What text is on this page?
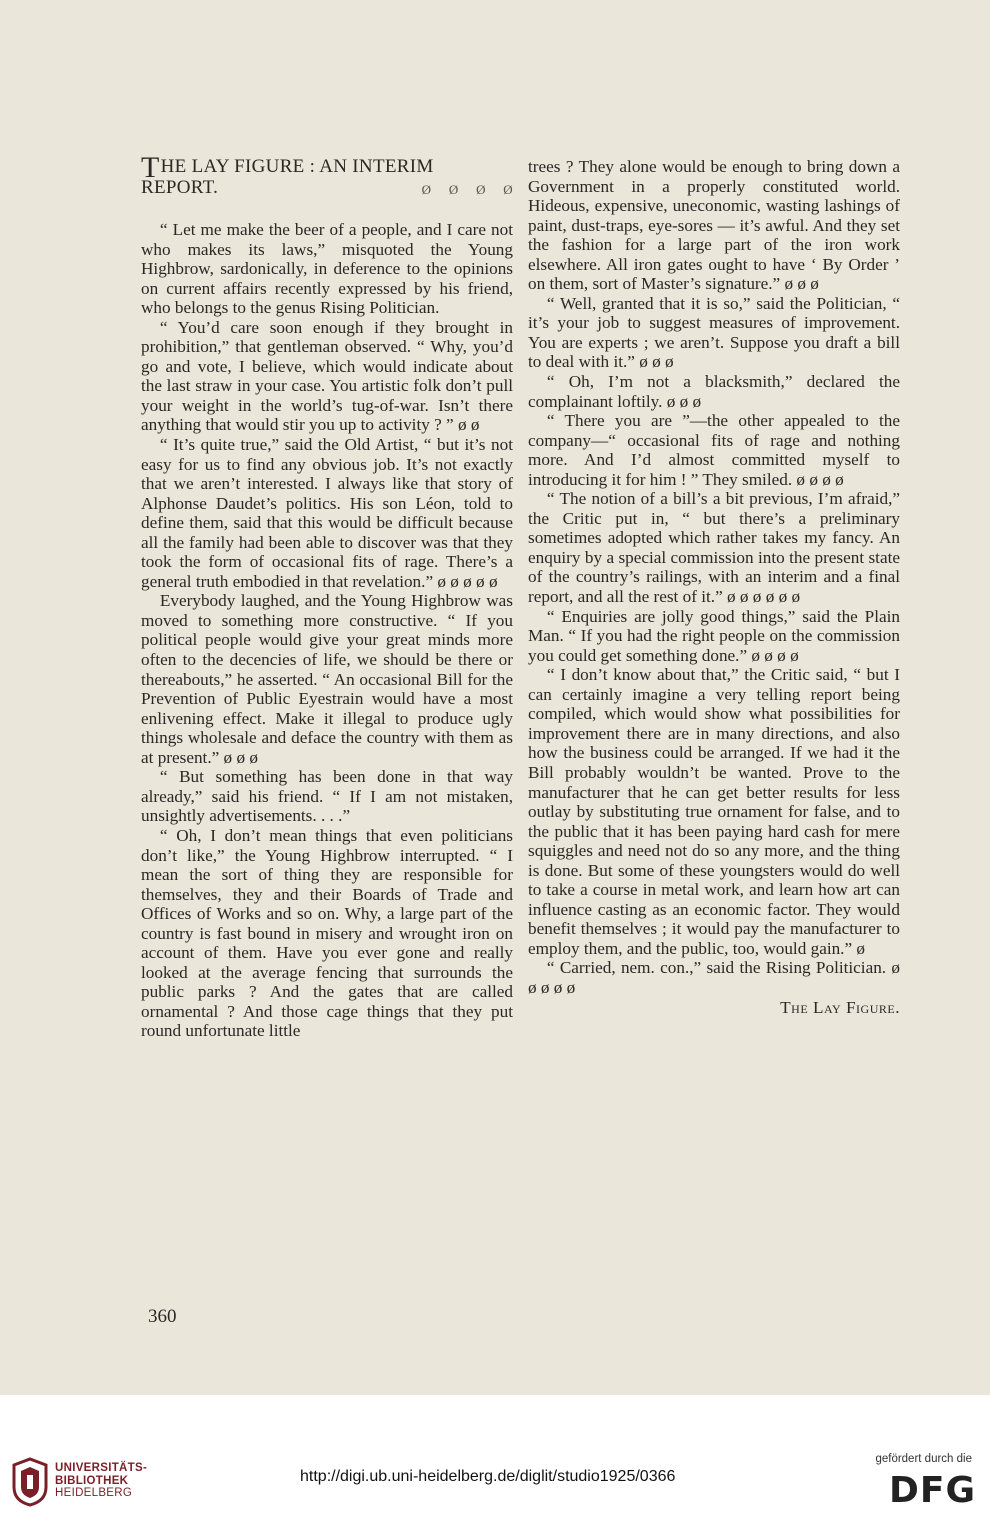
THE LAY FIGURE : AN INTERIM REPORT.	Ø Ø Ø Ø

“ Let me make the beer of a people, and I care not who makes its laws,” misquoted the Young Highbrow, sardonically, in deference to the opinions on current affairs recently expressed by his friend, who belongs to the genus Rising Politician.

“ You’d care soon enough if they brought in prohibition,” that gentleman observed. “ Why, you’d go and vote, I believe, which would indicate about the last straw in your case. You artistic folk don’t pull your weight in the world’s tug-of-war. Isn’t there anything that would stir you up to activity ? ” ø ø

“ It’s quite true,” said the Old Artist, “ but it’s not easy for us to find any obvious job. It’s not exactly that we aren’t interested. I always like that story of Alphonse Daudet’s politics. His son Léon, told to define them, said that this would be difficult because all the family had been able to discover was that they took the form of occasional fits of rage. There’s a general truth embodied in that revelation.” ø ø ø ø ø

Everybody laughed, and the Young Highbrow was moved to something more constructive. “ If you political people would give your great minds more often to the decencies of life, we should be there or thereabouts,” he asserted. “ An occasional Bill for the Prevention of Public Eyestrain would have a most enlivening effect. Make it illegal to produce ugly things wholesale and deface the country with them as at present.” ø ø ø

“ But something has been done in that way already,” said his friend. “ If I am not mistaken, unsightly advertisements. . . .”

“ Oh, I don’t mean things that even politicians don’t like,” the Young Highbrow interrupted. “ I mean the sort of thing they are responsible for themselves, they and their Boards of Trade and Offices of Works and so on. Why, a large part of the country is fast bound in misery and wrought iron on account of them. Have you ever gone and really looked at the average fencing that surrounds the public parks ? And the gates that are called ornamental ? And those cage things that they put round unfortunate little

trees ? They alone would be enough to bring down a Government in a properly constituted world. Hideous, expensive, uneconomic, wasting lashings of paint, dust-traps, eye-sores — it’s awful. And they set the fashion for a large part of the iron work elsewhere. All iron gates ought to have ‘ By Order ’ on them, sort of Master’s signature.” ø ø ø

“ Well, granted that it is so,” said the Politician, “ it’s your job to suggest measures of improvement. You are experts ; we aren’t. Suppose you draft a bill to deal with it.” ø ø ø

“ Oh, I’m not a blacksmith,” declared the complainant loftily. ø ø ø

“ There you are ”—the other appealed to the company—“ occasional fits of rage and nothing more. And I’d almost committed myself to introducing it for him ! ” They smiled. ø ø ø ø

“ The notion of a bill’s a bit previous, I’m afraid,” the Critic put in, “ but there’s a preliminary sometimes adopted which rather takes my fancy. An enquiry by a special commission into the present state of the country’s railings, with an interim and a final report, and all the rest of it.” ø ø ø ø ø ø

“ Enquiries are jolly good things,” said the Plain Man. “ If you had the right people on the commission you could get something done.” ø ø ø ø

“ I don’t know about that,” the Critic said, “ but I can certainly imagine a very telling report being compiled, which would show what possibilities for improvement there are in many directions, and also how the business could be arranged. If we had it the Bill probably wouldn’t be wanted. Prove to the manufacturer that he can get better results for less outlay by substituting true ornament for false, and to the public that it has been paying hard cash for mere squiggles and need not do so any more, and the thing is done. But some of these youngsters would do well to take a course in metal work, and learn how art can influence casting as an economic factor. They would benefit themselves ; it would pay the manufacturer to employ them, and the public, too, would gain.” ø

“ Carried, nem. con.,” said the Rising Politician. ø ø ø ø ø

The Lay Figure.

360
UNIVERSITÄTS-
BIBLIOTHEK
HEIDELBERG
http://digi.ub.uni-heidelberg.de/diglit/studio1925/0366
gefördert durch die
DFG
